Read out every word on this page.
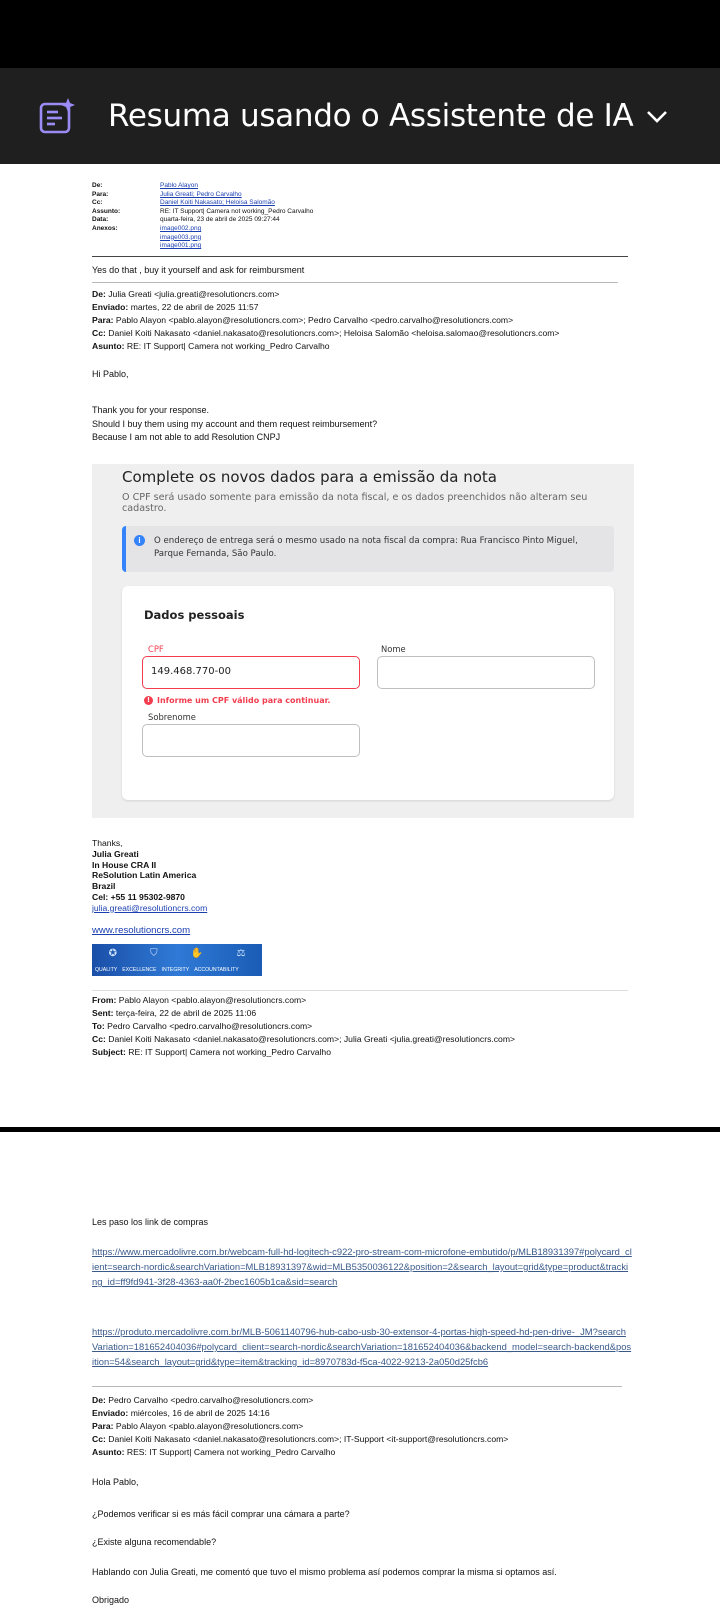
Resuma usando o Assistente de IA
De:	Pablo Alayon
Para:	Julia Greati; Pedro Carvalho
Cc:	Daniel Koiti Nakasato; Heloisa Salomão
Assunto:	RE: IT Support| Camera not working_Pedro Carvalho
Data:	quarta-feira, 23 de abril de 2025 09:27:44
Anexos:	image002.png
image003.png
image001.png
Yes do that , buy it yourself and ask for reimbursment
De: Julia Greati <julia.greati@resolutioncrs.com>
Enviado: martes, 22 de abril de 2025 11:57
Para: Pablo Alayon <pablo.alayon@resolutioncrs.com>; Pedro Carvalho <pedro.carvalho@resolutioncrs.com>
Cc: Daniel Koiti Nakasato <daniel.nakasato@resolutioncrs.com>; Heloisa Salomão <heloisa.salomao@resolutioncrs.com>
Asunto: RE: IT Support| Camera not working_Pedro Carvalho
Hi Pablo,
Thank you for your response.
Should I buy them using my account and them request reimbursement?
Because I am not able to add Resolution CNPJ
Complete os novos dados para a emissão da nota
O CPF será usado somente para emissão da nota fiscal, e os dados preenchidos não alteram seu cadastro.
i	O endereço de entrega será o mesmo usado na nota fiscal da compra: Rua Francisco Pinto Miguel, Parque Fernanda, São Paulo.
Dados pessoais
CPF
149.468.770-00
Nome
! Informe um CPF válido para continuar.
Sobrenome
Thanks,
Julia Greati
In House CRA II
ReSolution Latin America
Brazil
Cel: +55 11 95302-9870
julia.greati@resolutioncrs.com
www.resolutioncrs.com
✪	⛉	✋	⚖
QUALITY EXCELLENCE INTEGRITY ACCOUNTABILITY
From: Pablo Alayon <pablo.alayon@resolutioncrs.com>
Sent: terça-feira, 22 de abril de 2025 11:06
To: Pedro Carvalho <pedro.carvalho@resolutioncrs.com>
Cc: Daniel Koiti Nakasato <daniel.nakasato@resolutioncrs.com>; Julia Greati <julia.greati@resolutioncrs.com>
Subject: RE: IT Support| Camera not working_Pedro Carvalho
Les paso los link de compras
https://www.mercadolivre.com.br/webcam-full-hd-logitech-c922-pro-stream-com-microfone-embutido/p/MLB18931397#polycard_client=search-nordic&searchVariation=MLB18931397&wid=MLB5350036122&position=2&search_layout=grid&type=product&tracking_id=ff9fd941-3f28-4363-aa0f-2bec1605b1ca&sid=search
https://produto.mercadolivre.com.br/MLB-5061140796-hub-cabo-usb-30-extensor-4-portas-high-speed-hd-pen-drive-_JM?searchVariation=181652404036#polycard_client=search-nordic&searchVariation=181652404036&backend_model=search-backend&position=54&search_layout=grid&type=item&tracking_id=8970783d-f5ca-4022-9213-2a050d25fcb6
De: Pedro Carvalho <pedro.carvalho@resolutioncrs.com>
Enviado: miércoles, 16 de abril de 2025 14:16
Para: Pablo Alayon <pablo.alayon@resolutioncrs.com>
Cc: Daniel Koiti Nakasato <daniel.nakasato@resolutioncrs.com>; IT-Support <it-support@resolutioncrs.com>
Asunto: RES: IT Support| Camera not working_Pedro Carvalho
Hola Pablo,
¿Podemos verificar si es más fácil comprar una cámara a parte?
¿Existe alguna recomendable?
Hablando con Julia Greati, me comentó que tuvo el mismo problema así podemos comprar la misma si optamos así.
Obrigado
